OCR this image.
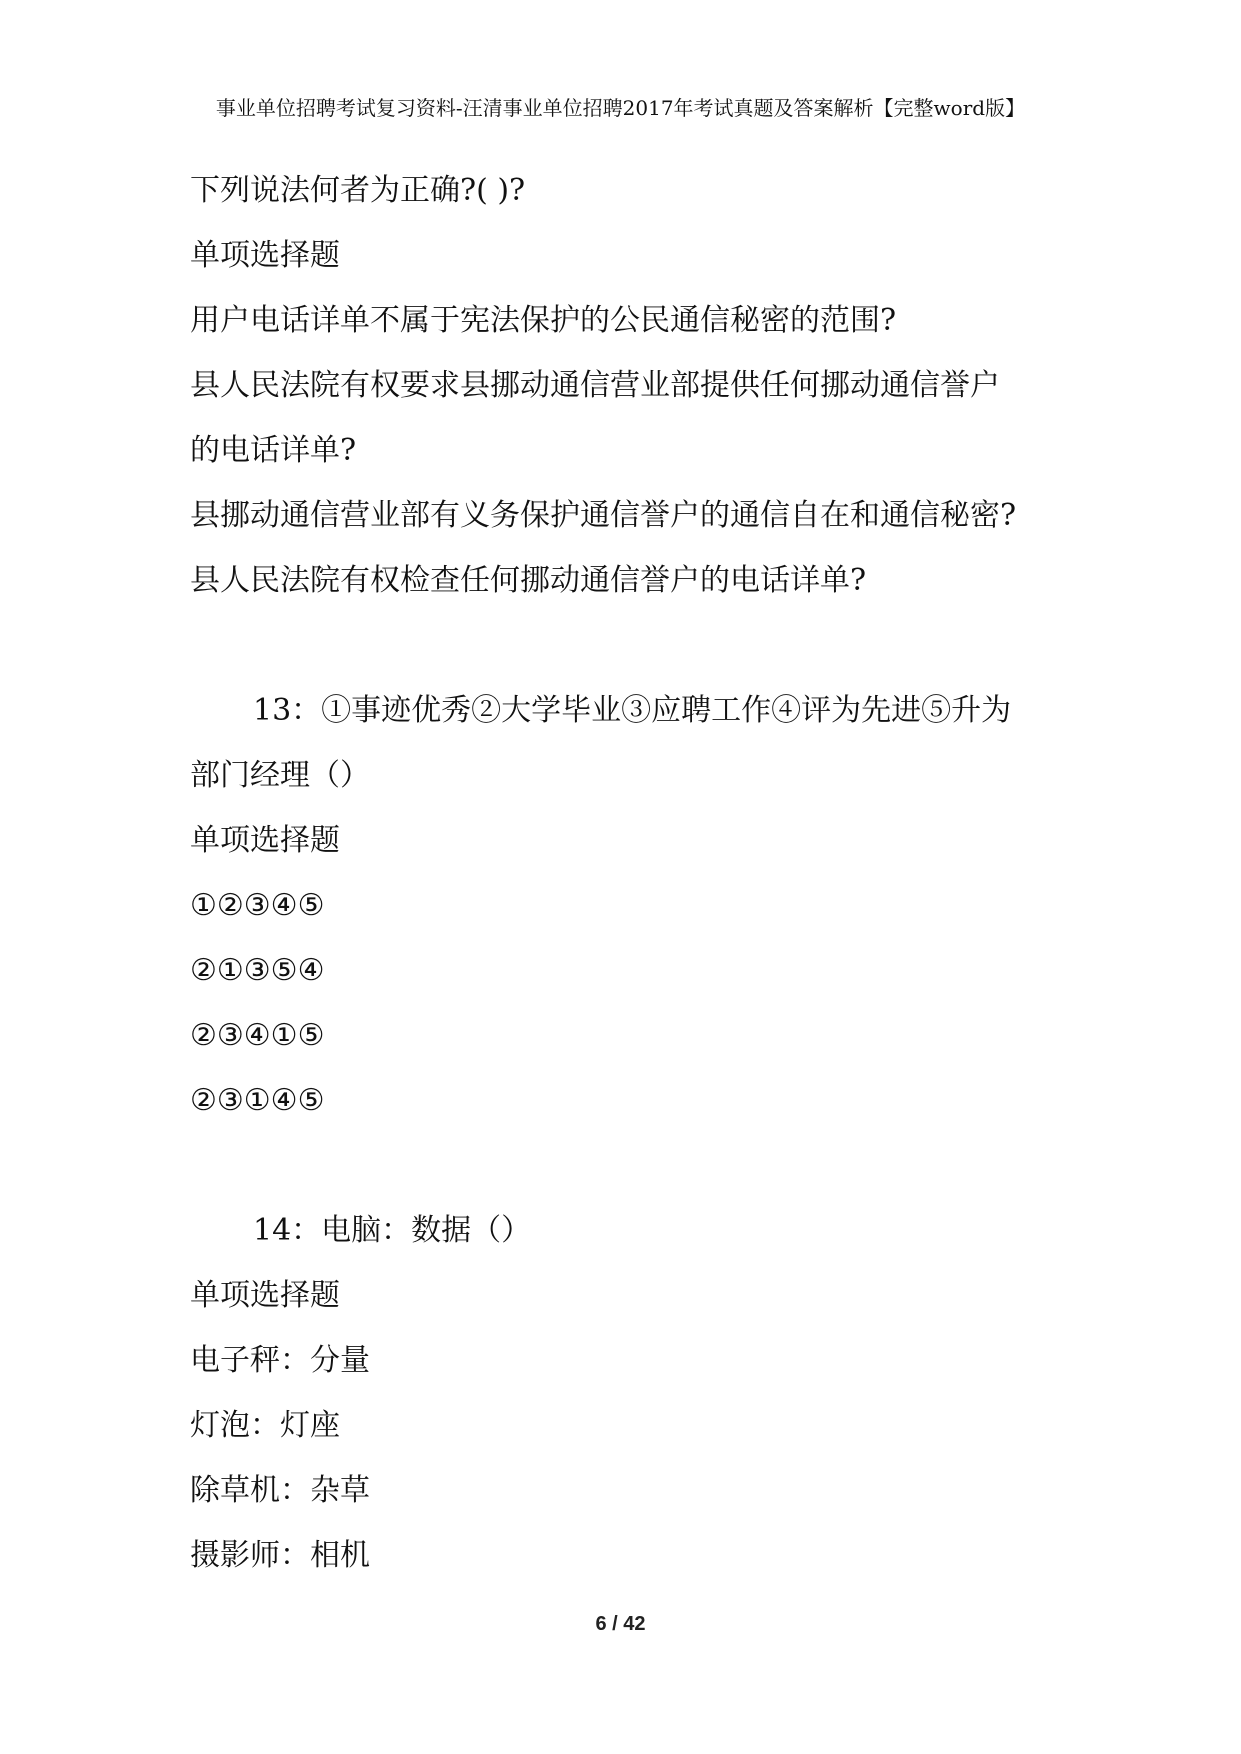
事业单位招聘考试复习资料-汪清事业单位招聘2017年考试真题及答案解析【完整word版】
下列说法何者为正确?( )?
单项选择题
用户电话详单不属于宪法保护的公民通信秘密的范围?
县人民法院有权要求县挪动通信营业部提供任何挪动通信誉户
的电话详单?
县挪动通信营业部有义务保护通信誉户的通信自在和通信秘密?
县人民法院有权检查任何挪动通信誉户的电话详单?
13：①事迹优秀②大学毕业③应聘工作④评为先进⑤升为
部门经理（）
单项选择题
①②③④⑤
②①③⑤④
②③④①⑤
②③①④⑤
14：电脑：数据（）
单项选择题
电子秤：分量
灯泡：灯座
除草机：杂草
摄影师：相机
6 / 42
